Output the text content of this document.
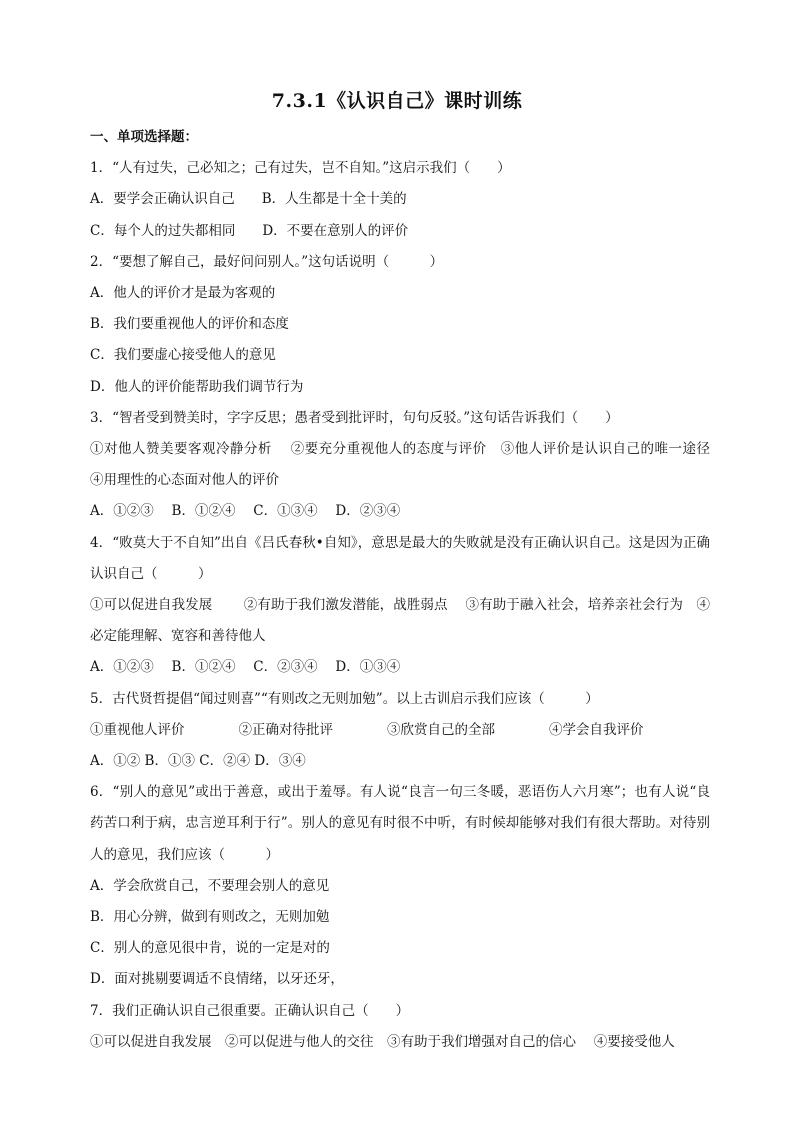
7.3.1《认识自己》课时训练

一、单项选择题：

1．“人有过失，己必知之；己有过失，岂不自知。”这启示我们（　　）

A．要学会正确认识自己　　B．人生都是十全十美的

C．每个人的过失都相同　　D．不要在意别人的评价

2．“要想了解自己，最好问问别人。”这句话说明（　　　）

A．他人的评价才是最为客观的

B．我们要重视他人的评价和态度

C．我们要虚心接受他人的意见

D．他人的评价能帮助我们调节行为

3．“智者受到赞美时，字字反思；愚者受到批评时，句句反驳。”这句话告诉我们（　　）

①对他人赞美要客观冷静分析　 ②要充分重视他人的态度与评价　③他人评价是认识自己的唯一途径　④用理性的心态面对他人的评价

A．①②③　 B．①②④　 C．①③④　 D．②③④

4．“败莫大于不自知”出自《吕氏春秋•自知》，意思是最大的失败就是没有正确认识自己。这是因为正确认识自己（　　　）

①可以促进自我发展　　 ②有助于我们激发潜能，战胜弱点　 ③有助于融入社会，培养亲社会行为　④必定能理解、宽容和善待他人

A．①②③　 B．①②④　 C．②③④　 D．①③④

5．古代贤哲提倡“闻过则喜”“有则改之无则加勉”。以上古训启示我们应该（　　　）

①重视他人评价　　　　②正确对待批评　　　　③欣赏自己的全部　　　　④学会自我评价

A．①② B．①③ C．②④ D．③④

6．“别人的意见”或出于善意，或出于羞辱。有人说“良言一句三冬暖，恶语伤人六月寒”；也有人说“良药苦口利于病，忠言逆耳利于行”。别人的意见有时很不中听，有时候却能够对我们有很大帮助。对待别人的意见，我们应该（　　　）

A．学会欣赏自己，不要理会别人的意见

B．用心分辨，做到有则改之，无则加勉

C．别人的意见很中肯，说的一定是对的

D．面对挑剔要调适不良情绪，以牙还牙，

7．我们正确认识自己很重要。正确认识自己（　　）

①可以促进自我发展　②可以促进与他人的交往　③有助于我们增强对自己的信心　 ④要接受他人
